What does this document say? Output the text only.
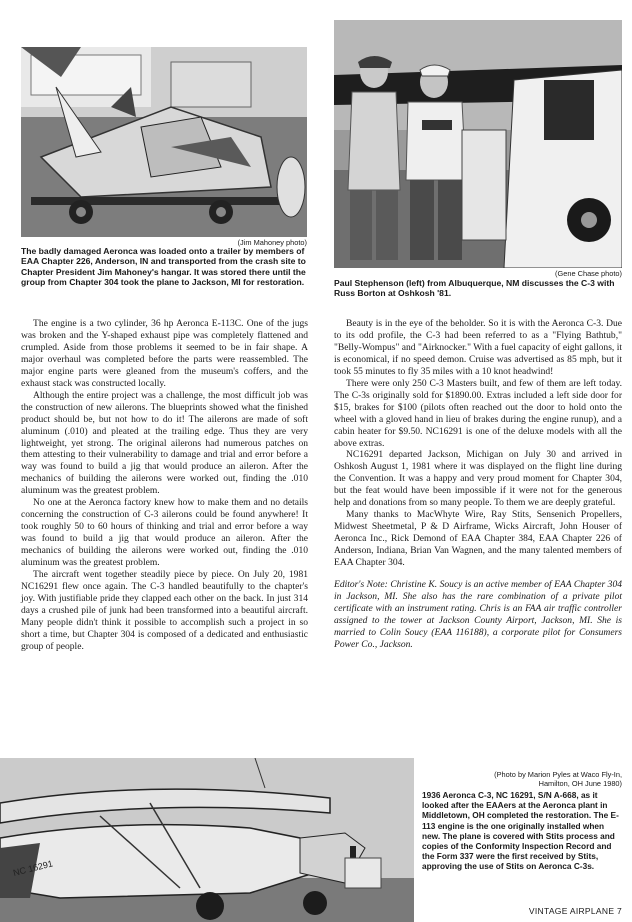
(Jim Mahoney photo)
The badly damaged Aeronca was loaded onto a trailer by members of EAA Chapter 226, Anderson, IN and transported from the crash site to Chapter President Jim Mahoney's hangar. It was stored there until the group from Chapter 304 took the plane to Jackson, MI for restoration.
(Gene Chase photo)
Paul Stephenson (left) from Albuquerque, NM discusses the C-3 with Russ Borton at Oshkosh '81.

The engine is a two cylinder, 36 hp Aeronca E-113C. One of the jugs was broken and the Y-shaped exhaust pipe was completely flattened and crumpled. Aside from those problems it seemed to be in fair shape. A major overhaul was completed before the parts were reassembled. The major engine parts were gleaned from the museum's coffers, and the exhaust stack was constructed locally.

Although the entire project was a challenge, the most difficult job was the construction of new ailerons. The blueprints showed what the finished product should be, but not how to do it! The ailerons are made of soft aluminum (.010) and pleated at the trailing edge. Thus they are very lightweight, yet strong. The original ailerons had numerous patches on them attesting to their vulnerability to damage and trial and error before a way was found to build a jig that would produce an aileron. After the mechanics of building the ailerons were worked out, finding the .010 aluminum was the greatest problem.

No one at the Aeronca factory knew how to make them and no details concerning the construction of C-3 ailerons could be found anywhere! It took roughly 50 to 60 hours of thinking and trial and error before a way was found to build a jig that would produce an aileron. After the mechanics of building the ailerons were worked out, finding the .010 aluminum was the greatest problem.

The aircraft went together steadily piece by piece. On July 20, 1981 NC16291 flew once again. The C-3 handled beautifully to the chapter's joy. With justifiable pride they clapped each other on the back. In just 314 days a crushed pile of junk had been transformed into a beautiful aircraft. Many people didn't think it possible to accomplish such a project in so short a time, but Chapter 304 is composed of a dedicated and enthusiastic group of people.

Beauty is in the eye of the beholder. So it is with the Aeronca C-3. Due to its odd profile, the C-3 had been referred to as a "Flying Bathtub," "Belly-Wompus" and "Airknocker." With a fuel capacity of eight gallons, it is economical, if no speed demon. Cruise was advertised as 85 mph, but it took 55 minutes to fly 35 miles with a 10 knot headwind!

There were only 250 C-3 Masters built, and few of them are left today. The C-3s originally sold for $1890.00. Extras included a left side door for $15, brakes for $100 (pilots often reached out the door to hold onto the wheel with a gloved hand in lieu of brakes during the engine runup), and a cabin heater for $9.50. NC16291 is one of the deluxe models with all the above extras.

NC16291 departed Jackson, Michigan on July 30 and arrived in Oshkosh August 1, 1981 where it was displayed on the flight line during the Convention. It was a happy and very proud moment for Chapter 304, but the feat would have been impossible if it were not for the generous help and donations from so many people. To them we are deeply grateful.

Many thanks to MacWhyte Wire, Ray Stits, Sensenich Propellers, Midwest Sheetmetal, P & D Airframe, Wicks Aircraft, John Houser of Aeronca Inc., Rick Demond of EAA Chapter 384, EAA Chapter 226 of Anderson, Indiana, Brian Van Wagnen, and the many talented members of EAA Chapter 304.

Editor's Note: Christine K. Soucy is an active member of EAA Chapter 304 in Jackson, MI. She also has the rare combination of a private pilot certificate with an instrument rating. Chris is an FAA air traffic controller assigned to the tower at Jackson County Airport, Jackson, MI. She is married to Colin Soucy (EAA 116188), a corporate pilot for Consumers Power Co., Jackson.

NC 16291
(Photo by Marion Pyles at Waco Fly-In,
Hamilton, OH June 1980)
1936 Aeronca C-3, NC 16291, S/N A-668, as it looked after the EAAers at the Aeronca plant in Middletown, OH completed the restoration. The E-113 engine is the one originally installed when new. The plane is covered with Stits process and copies of the Conformity Inspection Record and the Form 337 were the first received by Stits, approving the use of Stits on Aeronca C-3s.
VINTAGE AIRPLANE 7
